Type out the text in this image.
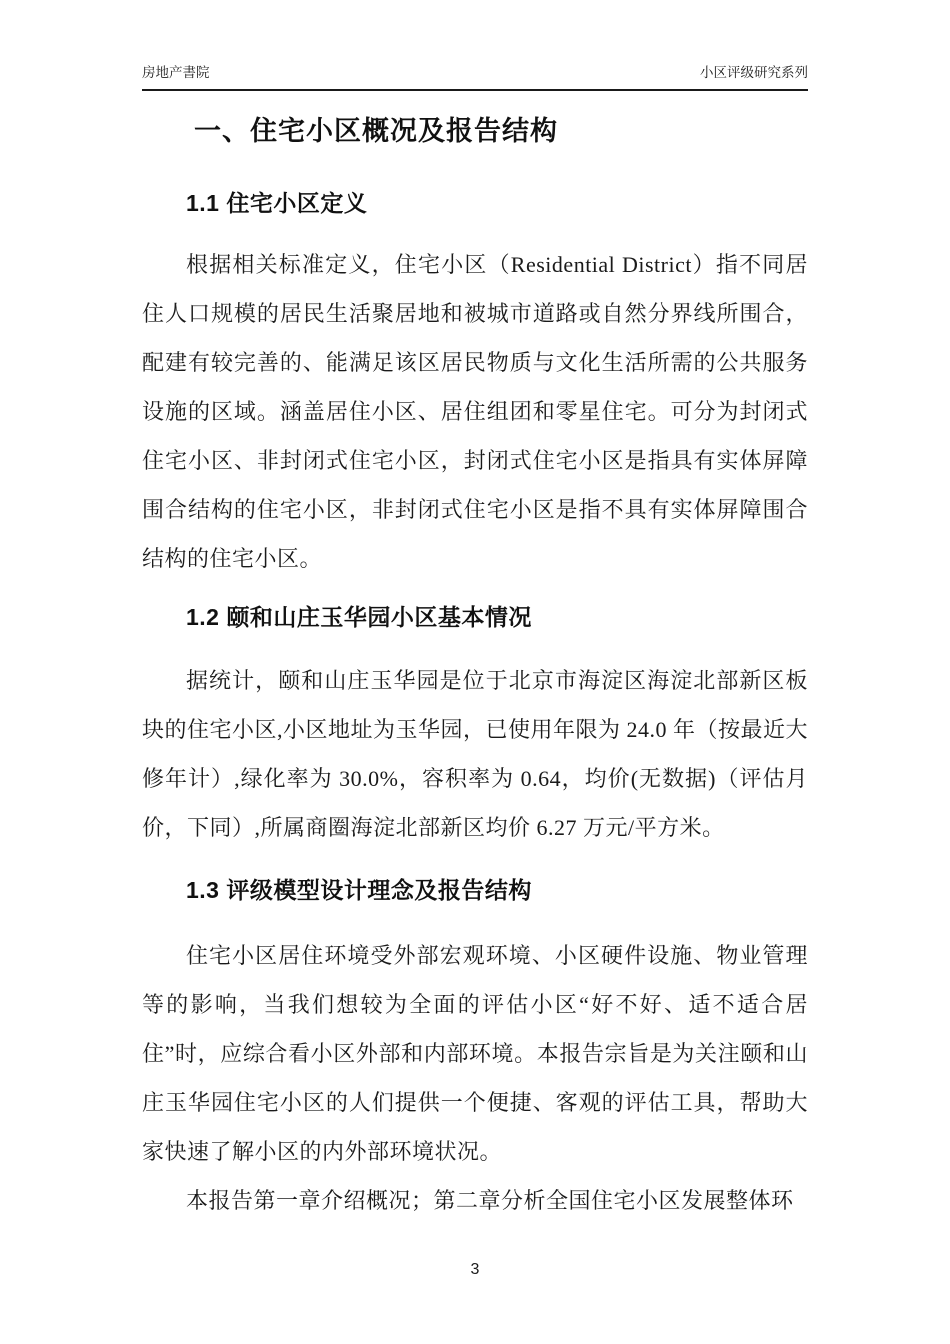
房地产書院	小区评级研究系列
一、住宅小区概况及报告结构
1.1 住宅小区定义

根据相关标准定义，住宅小区（Residential District）指不同居住人口规模的居民生活聚居地和被城市道路或自然分界线所围合，配建有较完善的、能满足该区居民物质与文化生活所需的公共服务设施的区域。涵盖居住小区、居住组团和零星住宅。可分为封闭式住宅小区、非封闭式住宅小区，封闭式住宅小区是指具有实体屏障围合结构的住宅小区，非封闭式住宅小区是指不具有实体屏障围合结构的住宅小区。

1.2 颐和山庄玉华园小区基本情况

据统计，颐和山庄玉华园是位于北京市海淀区海淀北部新区板块的住宅小区,小区地址为玉华园，已使用年限为 24.0 年（按最近大修年计）,绿化率为 30.0%，容积率为 0.64，均价(无数据)（评估月价，下同）,所属商圈海淀北部新区均价 6.27 万元/平方米。

1.3 评级模型设计理念及报告结构

住宅小区居住环境受外部宏观环境、小区硬件设施、物业管理等的影响，当我们想较为全面的评估小区“好不好、适不适合居住”时，应综合看小区外部和内部环境。本报告宗旨是为关注颐和山庄玉华园住宅小区的人们提供一个便捷、客观的评估工具，帮助大家快速了解小区的内外部环境状况。

本报告第一章介绍概况；第二章分析全国住宅小区发展整体环

3
